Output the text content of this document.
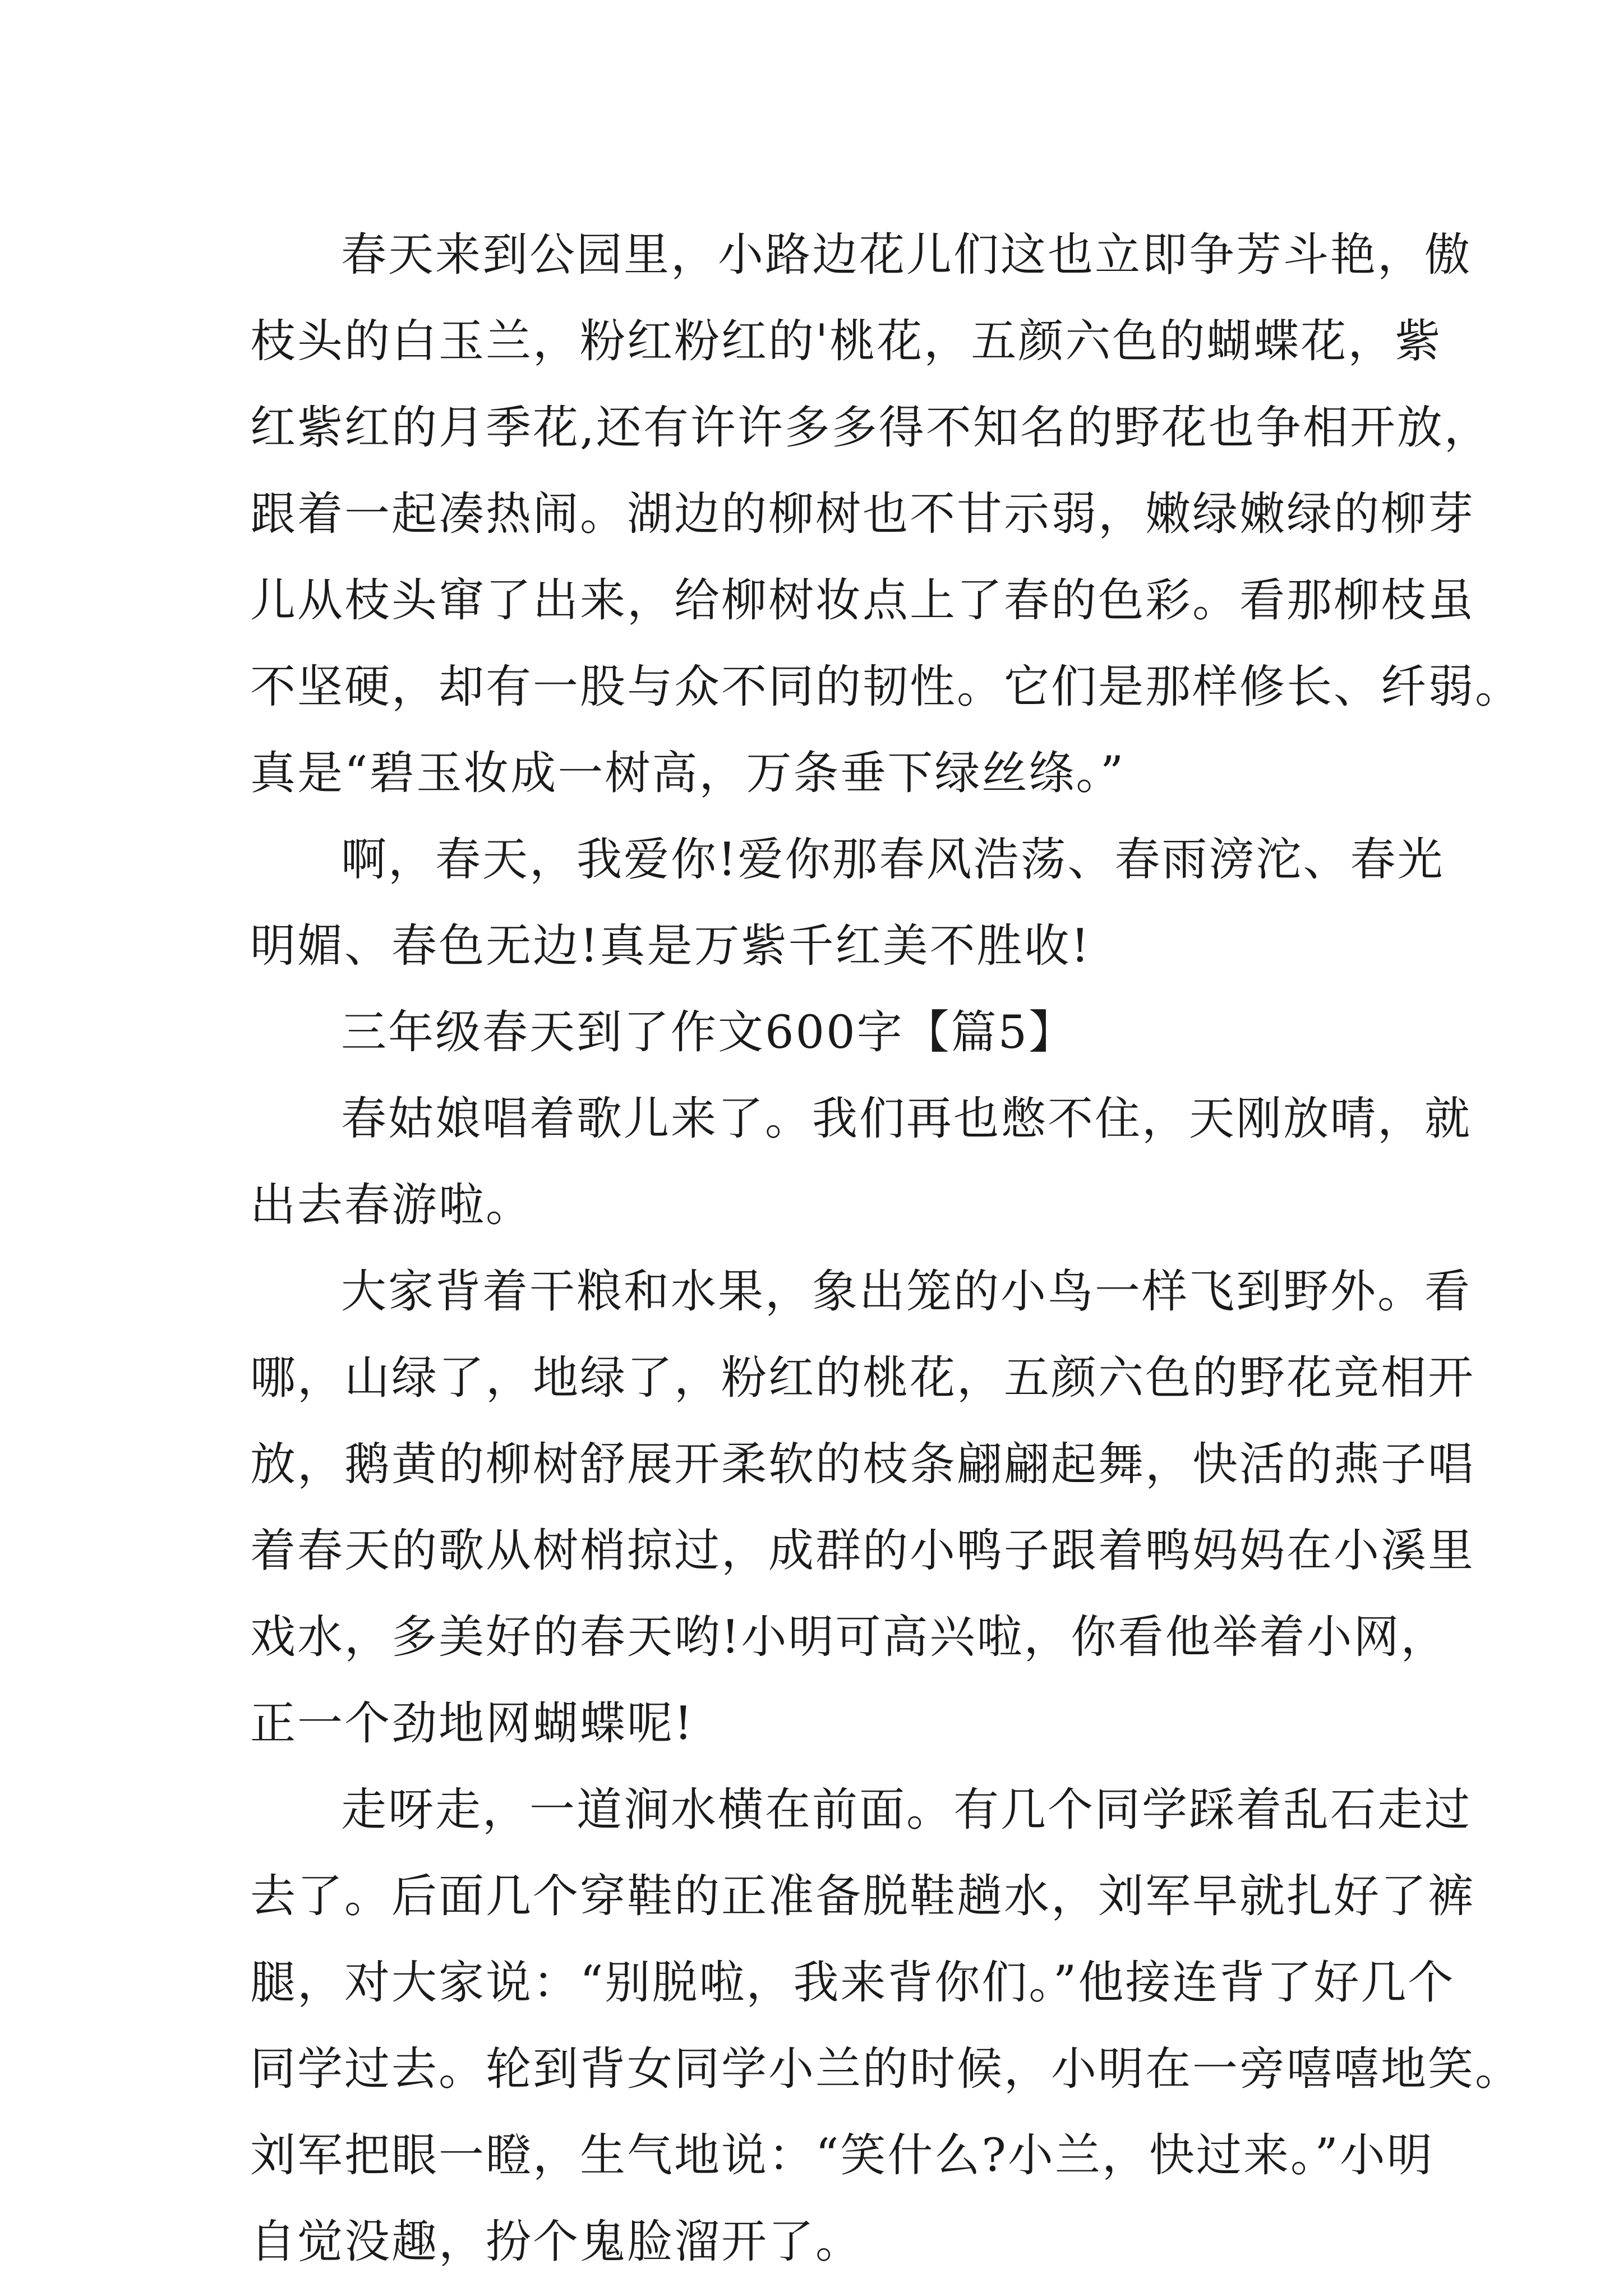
春天来到公园里，小路边花儿们这也立即争芳斗艳，傲
枝头的白玉兰，粉红粉红的'桃花，五颜六色的蝴蝶花，紫
红紫红的月季花,还有许许多多得不知名的野花也争相开放，
跟着一起凑热闹。湖边的柳树也不甘示弱，嫩绿嫩绿的柳芽
儿从枝头窜了出来，给柳树妆点上了春的色彩。看那柳枝虽
不坚硬，却有一股与众不同的韧性。它们是那样修长、纤弱。
真是“碧玉妆成一树高，万条垂下绿丝绦。”
啊，春天，我爱你!爱你那春风浩荡、春雨滂沱、春光
明媚、春色无边!真是万紫千红美不胜收!
三年级春天到了作文600字【篇5】
春姑娘唱着歌儿来了。我们再也憋不住，天刚放晴，就
出去春游啦。
大家背着干粮和水果，象出笼的小鸟一样飞到野外。看
哪，山绿了，地绿了，粉红的桃花，五颜六色的野花竞相开
放，鹅黄的柳树舒展开柔软的枝条翩翩起舞，快活的燕子唱
着春天的歌从树梢掠过，成群的小鸭子跟着鸭妈妈在小溪里
戏水，多美好的春天哟!小明可高兴啦，你看他举着小网，
正一个劲地网蝴蝶呢!
走呀走，一道涧水横在前面。有几个同学踩着乱石走过
去了。后面几个穿鞋的正准备脱鞋趟水，刘军早就扎好了裤
腿，对大家说：“别脱啦，我来背你们。”他接连背了好几个
同学过去。轮到背女同学小兰的时候，小明在一旁嘻嘻地笑。
刘军把眼一瞪，生气地说：“笑什么?小兰，快过来。”小明
自觉没趣，扮个鬼脸溜开了。
